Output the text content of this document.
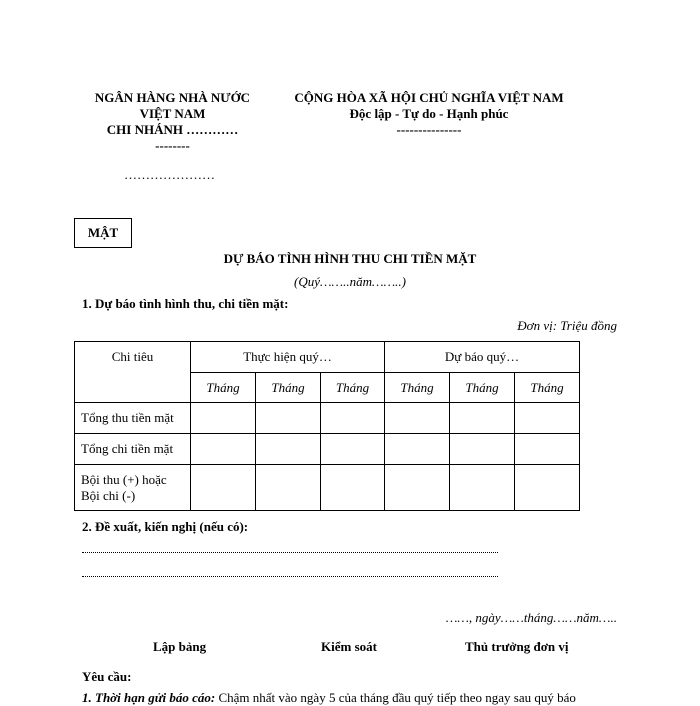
NGÂN HÀNG NHÀ NƯỚC
VIỆT NAM
CHI NHÁNH …………
--------
…………………
CỘNG HÒA XÃ HỘI CHỦ NGHĨA VIỆT NAM
Độc lập - Tự do - Hạnh phúc
---------------
MẬT
DỰ BÁO TÌNH HÌNH THU CHI TIỀN MẶT
(Quý……..năm……..)
1. Dự báo tình hình thu, chi tiền mặt:
Đơn vị: Triệu đồng
Chi tiêu	Thực hiện quý…			Dự báo quý…		
	Tháng	Tháng	Tháng	Tháng	Tháng	Tháng
Tổng thu tiền mặt						
Tổng chi tiền mặt						

Bội thu (+) hoặc
Bội chi (-)						

2. Đề xuất, kiến nghị (nếu có):
……, ngày……tháng……năm…..
Lập bảng	Kiểm soát	Thủ trưởng đơn vị
Yêu cầu:
1. Thời hạn gửi báo cáo: Chậm nhất vào ngày 5 của tháng đầu quý tiếp theo ngay sau quý báo
